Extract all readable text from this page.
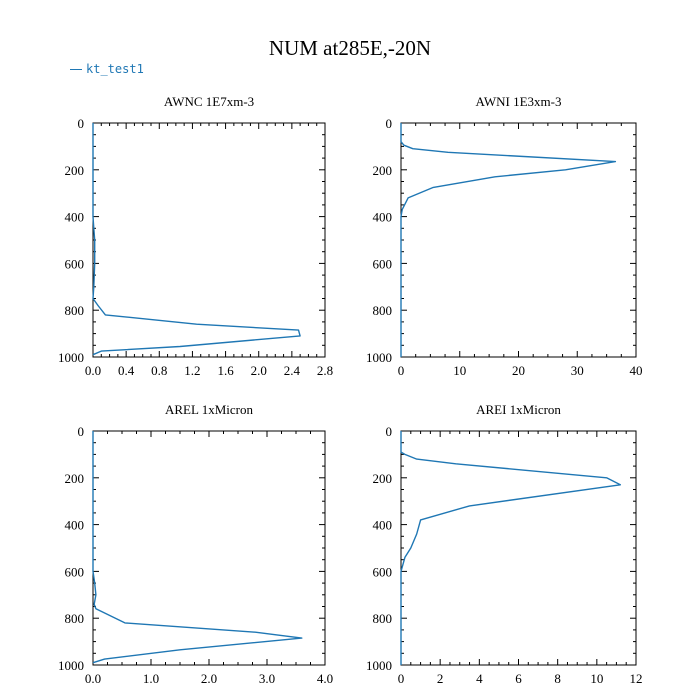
NUM at285E,-20N
kt_test1
AWNC 1E7xm-3
0.0 0.4 0.8 1.2 1.6 2.0 2.4 2.8
0
200
400
600
800
1000
AWNI 1E3xm-3
0	10	20	30	40
0
200
400
600
800
1000
AREL 1xMicron
0.0	1.0	2.0	3.0	4.0
0
200
400
600
800
1000
AREI 1xMicron
0	2	4	6	8 10 12
0
200
400
600
800
1000
